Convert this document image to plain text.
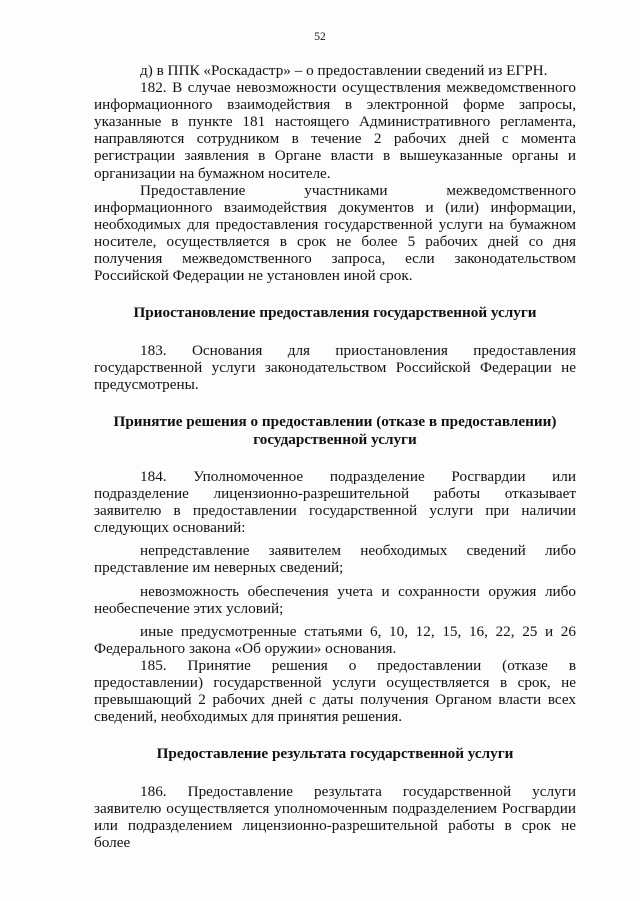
52

д) в ППК «Роскадастр» – о предоставлении сведений из ЕГРН.

182. В случае невозможности осуществления межведомственного информационного взаимодействия в электронной форме запросы, указанные в пункте 181 настоящего Административного регламента, направляются сотрудником в течение 2 рабочих дней с момента регистрации заявления в Органе власти в вышеуказанные органы и организации на бумажном носителе.

Предоставление участниками межведомственного информационного взаимодействия документов и (или) информации, необходимых для предоставления государственной услуги на бумажном носителе, осуществляется в срок не более 5 рабочих дней со дня получения межведомственного запроса, если законодательством Российской Федерации не установлен иной срок.

Приостановление предоставления государственной услуги

183. Основания для приостановления предоставления государственной услуги законодательством Российской Федерации не предусмотрены.

Принятие решения о предоставлении (отказе в предоставлении) государственной услуги

184. Уполномоченное подразделение Росгвардии или подразделение лицензионно-разрешительной работы отказывает заявителю в предоставлении государственной услуги при наличии следующих оснований:

непредставление заявителем необходимых сведений либо представление им неверных сведений;

невозможность обеспечения учета и сохранности оружия либо необеспечение этих условий;

иные предусмотренные статьями 6, 10, 12, 15, 16, 22, 25 и 26 Федерального закона «Об оружии» основания.

185. Принятие решения о предоставлении (отказе в предоставлении) государственной услуги осуществляется в срок, не превышающий 2 рабочих дней с даты получения Органом власти всех сведений, необходимых для принятия решения.

Предоставление результата государственной услуги

186. Предоставление результата государственной услуги заявителю осуществляется уполномоченным подразделением Росгвардии или подразделением лицензионно-разрешительной работы в срок не более
